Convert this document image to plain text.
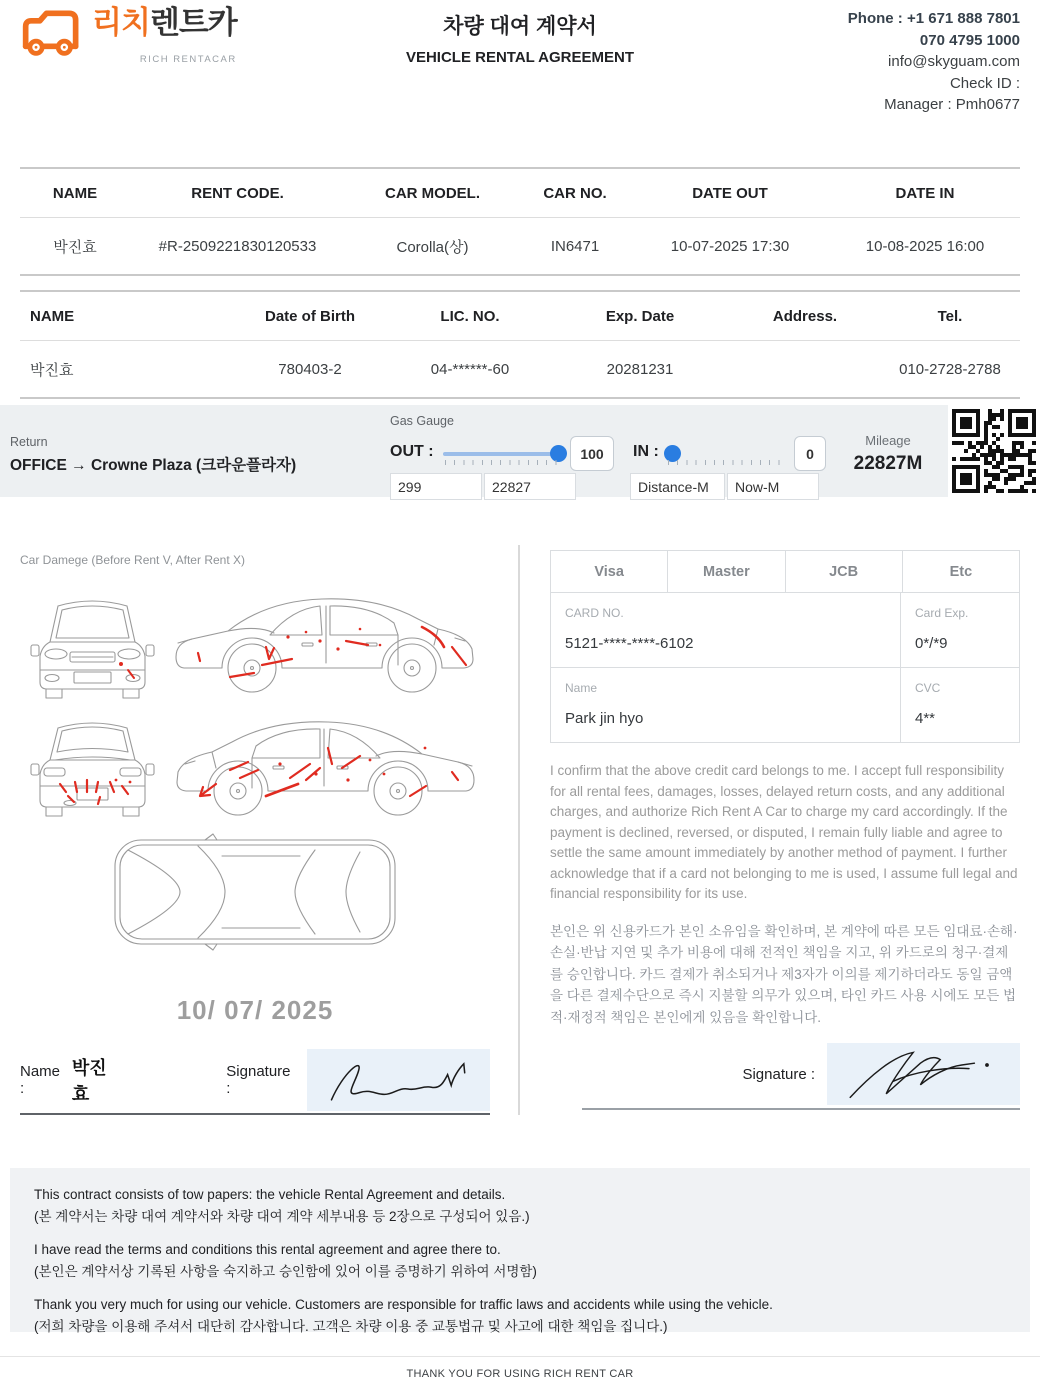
리치렌트카
RICH RENTACAR
차량 대여 계약서
VEHICLE RENTAL AGREEMENT
Phone : +1 671 888 7801
070 4795 1000
info@skyguam.com
Check ID :
Manager : Pmh0677
NAME	RENT CODE.	CAR MODEL.	CAR NO.	DATE OUT	DATE IN
박진효	#R-2509221830120533	Corolla(상)	IN6471	10-07-2025 17:30	10-08-2025 16:00
NAME	Date of Birth	LIC. NO.	Exp. Date	Address.	Tel.
박진효	780403-2	04-******-60	20281231		010-2728-2788
Return
OFFICE → Crowne Plaza (크라운플라자)
Gas Gauge
OUT :	100
299
22827	IN :	0
Distance-M
Now-M
Mileage
22827M
Car Damege (Before Rent V, After Rent X)
10/ 07/ 2025
Name :
박진효
Signature :
Visa	Master	JCB	Etc
CARD NO.
5121-****-****-6102
Card Exp.
0*/*9
Name
Park jin hyo
CVC
4**
I confirm that the above credit card belongs to me. I accept full responsibility for all rental fees, damages, losses, delayed return costs, and any additional charges, and authorize Rich Rent A Car to charge my card accordingly. If the payment is declined, reversed, or disputed, I remain fully liable and agree to settle the same amount immediately by another method of payment. I further acknowledge that if a card not belonging to me is used, I assume full legal and financial responsibility for its use.
본인은 위 신용카드가 본인 소유임을 확인하며, 본 계약에 따른 모든 임대료·손해·손실·반납 지연 및 추가 비용에 대해 전적인 책임을 지고, 위 카드로의 청구·결제를 승인합니다. 카드 결제가 취소되거나 제3자가 이의를 제기하더라도 동일 금액을 다른 결제수단으로 즉시 지불할 의무가 있으며, 타인 카드 사용 시에도 모든 법적·재정적 책임은 본인에게 있음을 확인합니다.
Signature :
This contract consists of tow papers: the vehicle Rental Agreement and details.
(본 계약서는 차량 대여 계약서와 차량 대여 계약 세부내용 등 2장으로 구성되어 있음.)
I have read the terms and conditions this rental agreement and agree there to.
(본인은 계약서상 기록된 사항을 숙지하고 승인함에 있어 이를 증명하기 위하여 서명함)
Thank you very much for using our vehicle. Customers are responsible for traffic laws and accidents while using the vehicle.
(저희 차량을 이용해 주셔서 대단히 감사합니다. 고객은 차량 이용 중 교통법규 및 사고에 대한 책임을 집니다.)
THANK YOU FOR USING RICH RENT CAR
